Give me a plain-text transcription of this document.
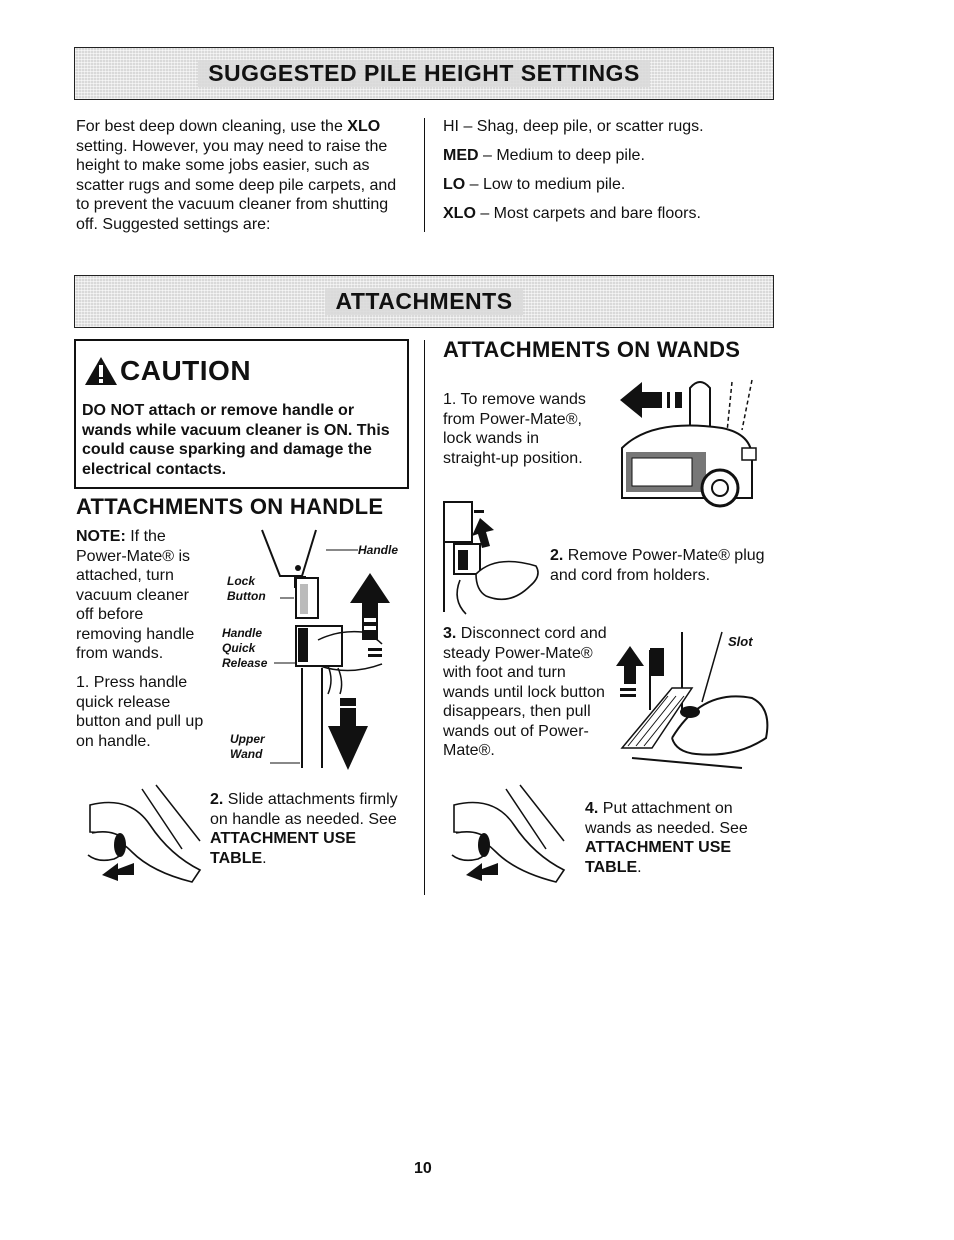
SUGGESTED PILE HEIGHT SETTINGS
For best deep down cleaning, use the XLO setting. However, you may need to raise the height to make some jobs easier, such as scatter rugs and some deep pile carpets, and to prevent the vacuum cleaner from shutting off. Suggested settings are:
HI – Shag, deep pile, or scatter rugs.
MED – Medium to deep pile.
LO – Low to medium pile.
XLO – Most carpets and bare floors.
ATTACHMENTS
CAUTION
DO NOT attach or remove handle or wands while vacuum cleaner is ON. This could cause sparking and damage the electrical contacts.
ATTACHMENTS ON HANDLE
NOTE: If the Power-Mate® is attached, turn vacuum cleaner off before removing handle from wands.
1. Press handle quick release button and pull up on handle.
Handle
Lock Button
Handle Quick Release
Upper Wand
2. Slide attachments firmly on handle as needed. See ATTACHMENT USE TABLE.
ATTACHMENTS ON WANDS
1. To remove wands from Power-Mate®, lock wands in straight-up position.
2. Remove Power-Mate® plug and cord from holders.
3. Disconnect cord and steady Power-Mate® with foot and turn wands until lock button disappears, then pull wands out of Power-Mate®.
Slot
4. Put attachment on wands as needed. See ATTACHMENT USE TABLE.
10
